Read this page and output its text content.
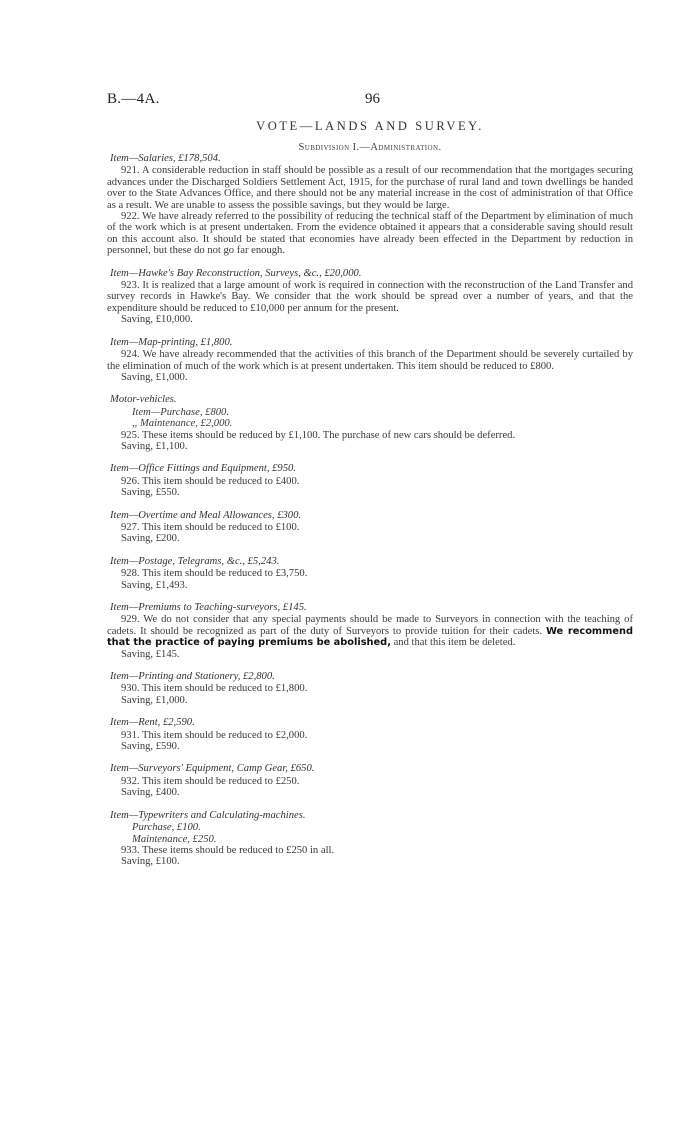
B.—4A.	96
VOTE—LANDS AND SURVEY.
Subdivision I.—Administration.

Item—Salaries, £178,504.

921. A considerable reduction in staff should be possible as a result of our recommendation that the mortgages securing advances under the Discharged Soldiers Settlement Act, 1915, for the purchase of rural land and town dwellings be handed over to the State Advances Office, and there should not be any material increase in the cost of administration of that Office as a result. We are unable to assess the possible savings, but they would be large.

922. We have already referred to the possibility of reducing the technical staff of the Department by elimination of much of the work which is at present undertaken. From the evidence obtained it appears that a considerable saving should result on this account also. It should be stated that economies have already been effected in the Department by reduction in personnel, but these do not go far enough.

Item—Hawke's Bay Reconstruction, Surveys, &c., £20,000.

923. It is realized that a large amount of work is required in connection with the reconstruction of the Land Transfer and survey records in Hawke's Bay. We consider that the work should be spread over a number of years, and that the expenditure should be reduced to £10,000 per annum for the present.

Saving, £10,000.

Item—Map-printing, £1,800.

924. We have already recommended that the activities of this branch of the Department should be severely curtailed by the elimination of much of the work which is at present undertaken. This item should be reduced to £800.

Saving, £1,000.

Motor-vehicles.

Item—Purchase, £800.

,, Maintenance, £2,000.

925. These items should be reduced by £1,100. The purchase of new cars should be deferred.

Saving, £1,100.

Item—Office Fittings and Equipment, £950.

926. This item should be reduced to £400.

Saving, £550.

Item—Overtime and Meal Allowances, £300.

927. This item should be reduced to £100.

Saving, £200.

Item—Postage, Telegrams, &c., £5,243.

928. This item should be reduced to £3,750.

Saving, £1,493.

Item—Premiums to Teaching-surveyors, £145.

929. We do not consider that any special payments should be made to Surveyors in connection with the teaching of cadets. It should be recognized as part of the duty of Surveyors to provide tuition for their cadets. We recommend that the practice of paying premiums be abolished, and that this item be deleted.

Saving, £145.

Item—Printing and Stationery, £2,800.

930. This item should be reduced to £1,800.

Saving, £1,000.

Item—Rent, £2,590.

931. This item should be reduced to £2,000.

Saving, £590.

Item—Surveyors' Equipment, Camp Gear, £650.

932. This item should be reduced to £250.

Saving, £400.

Item—Typewriters and Calculating-machines.

Purchase, £100.

Maintenance, £250.

933. These items should be reduced to £250 in all.

Saving, £100.
